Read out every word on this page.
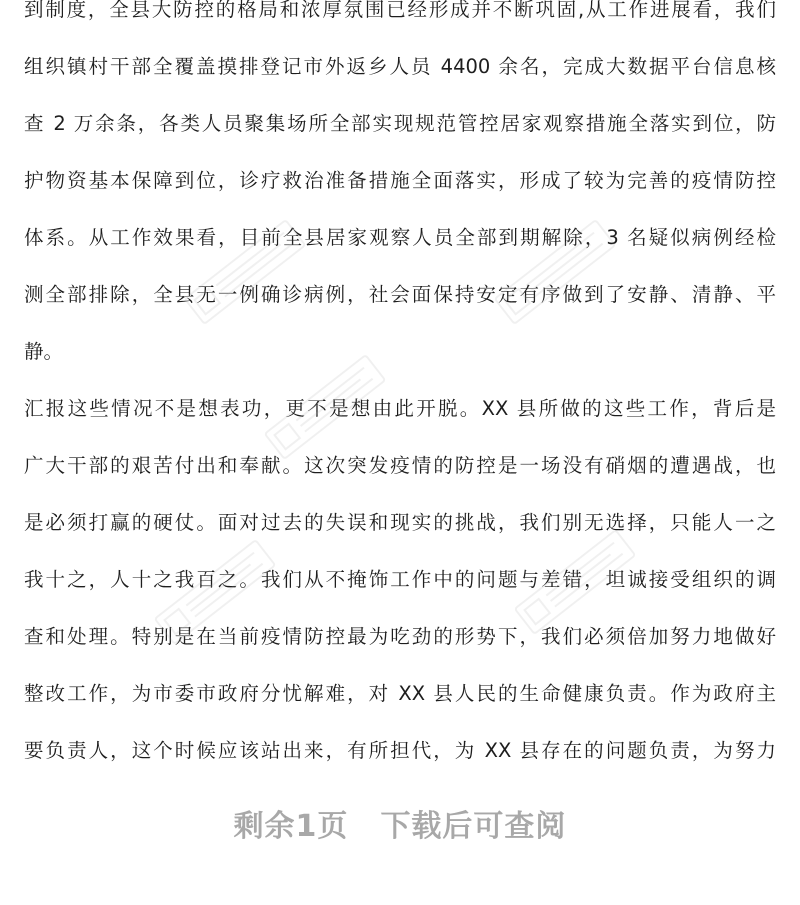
到制度，全县大防控的格局和浓厚氛围已经形成并不断巩固,从工作进展看，我们
组织镇村干部全覆盖摸排登记市外返乡人员 4400 余名，完成大数据平台信息核
查 2 万余条，各类人员聚集场所全部实现规范管控居家观察措施全落实到位，防
护物资基本保障到位，诊疗救治准备措施全面落实，形成了较为完善的疫情防控
体系。从工作效果看，目前全县居家观察人员全部到期解除，3 名疑似病例经检
测全部排除，全县无一例确诊病例，社会面保持安定有序做到了安静、清静、平
静。
汇报这些情况不是想表功，更不是想由此开脱。XX 县所做的这些工作，背后是
广大干部的艰苦付出和奉献。这次突发疫情的防控是一场没有硝烟的遭遇战，也
是必须打赢的硬仗。面对过去的失误和现实的挑战，我们别无选择，只能人一之
我十之，人十之我百之。我们从不掩饰工作中的问题与差错，坦诚接受组织的调
查和处理。特别是在当前疫情防控最为吃劲的形势下，我们必须倍加努力地做好
整改工作，为市委市政府分忧解难，对 XX 县人民的生命健康负责。作为政府主
要负责人，这个时候应该站出来，有所担代，为 XX 县存在的问题负责，为努力
剩余1页 下载后可查阅
